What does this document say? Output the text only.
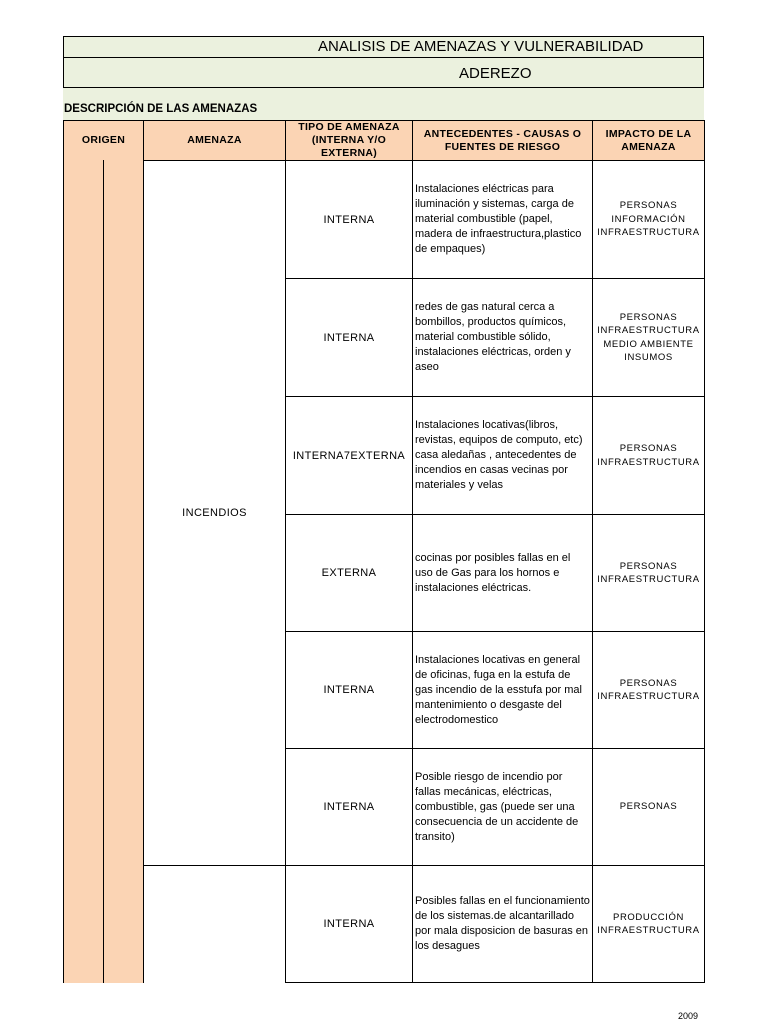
ANALISIS DE AMENAZAS Y VULNERABILIDAD
ADEREZO
DESCRIPCIÓN DE LAS AMENAZAS
ORIGEN	AMENAZA
TIPO DE AMENAZA (INTERNA Y/O EXTERNA)
ANTECEDENTES - CAUSAS O FUENTES DE RIESGO
IMPACTO DE LA AMENAZA
INCENDIOS
INTERNA
Instalaciones eléctricas para iluminación y sistemas, carga de material combustible (papel, madera de infraestructura,plastico de empaques)
PERSONAS
INFORMACIÓN
INFRAESTRUCTURA
INTERNA
redes de gas natural cerca a bombillos, productos químicos, material combustible sólido, instalaciones eléctricas, orden y aseo
PERSONAS
INFRAESTRUCTURA
MEDIO AMBIENTE
INSUMOS
INTERNA7EXTERNA
Instalaciones locativas(libros, revistas, equipos de computo, etc) casa aledañas , antecedentes de incendios en casas vecinas por materiales y velas
PERSONAS
INFRAESTRUCTURA
EXTERNA
cocinas por posibles fallas en el uso de Gas para los hornos e instalaciones eléctricas.
PERSONAS
INFRAESTRUCTURA
INTERNA
Instalaciones locativas en general de oficinas, fuga en la estufa de gas incendio de la esstufa por mal mantenimiento o desgaste del electrodomestico
PERSONAS
INFRAESTRUCTURA
INTERNA
Posible riesgo de incendio por fallas mecánicas, eléctricas, combustible, gas (puede ser una consecuencia de un accidente de transito)
PERSONAS
INTERNA
Posibles fallas en el funcionamiento de los sistemas.de alcantarillado por mala disposicion de basuras en los desagues
PRODUCCIÓN
INFRAESTRUCTURA
2009
